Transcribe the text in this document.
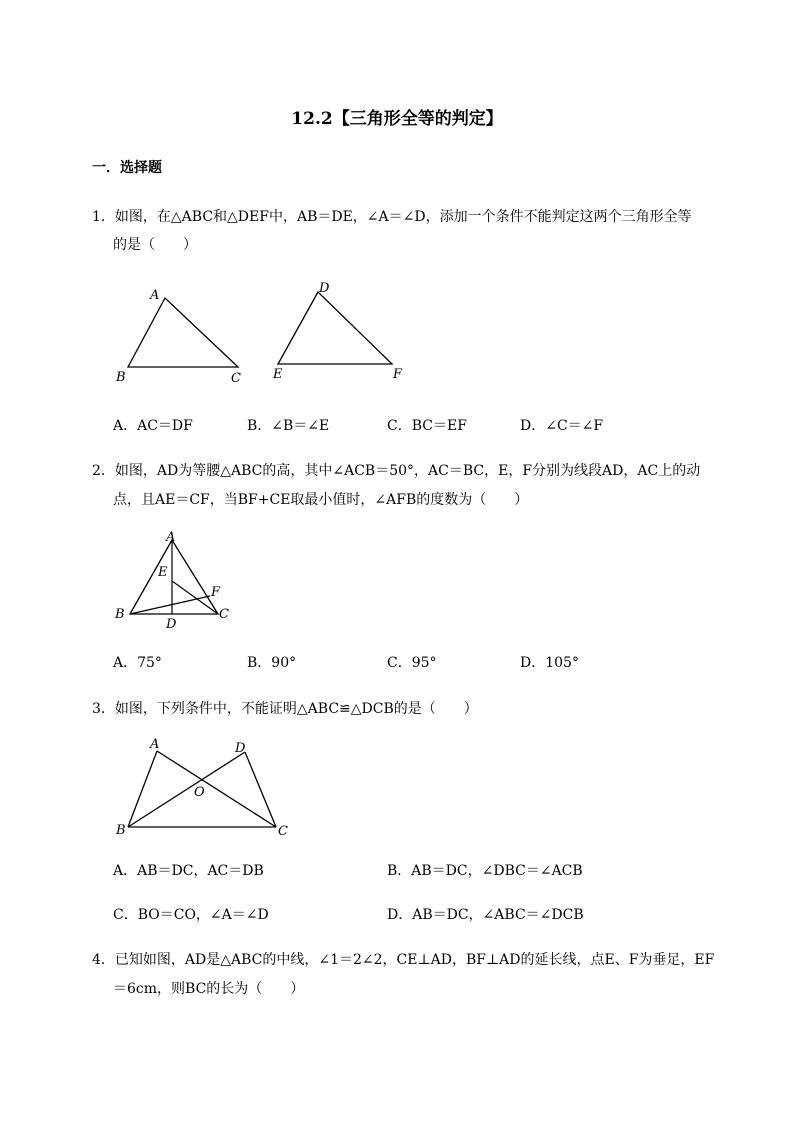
12.2【三角形全等的判定】
一．选择题
1．如图，在△ABC和△DEF中，AB＝DE，∠A＝∠D，添加一个条件不能判定这两个三角形全等
的是（　　）
A
B	C
D
E	F
A．AC＝DF	B．∠B＝∠E	C．BC＝EF	D．∠C＝∠F
2．如图，AD为等腰△ABC的高，其中∠ACB＝50°，AC＝BC，E，F分别为线段AD，AC上的动
点，且AE＝CF，当BF+CE取最小值时，∠AFB的度数为（　　）
A
B	C
D
E
F
A．75°	B．90°	C．95°	D．105°
3．如图，下列条件中，不能证明△ABC≌△DCB的是（　　）
A
B	C
D
O
A．AB＝DC，AC＝DB	B．AB＝DC，∠DBC＝∠ACB
C．BO＝CO，∠A＝∠D	D．AB＝DC，∠ABC＝∠DCB
4．已知如图，AD是△ABC的中线，∠1＝2∠2，CE⊥AD，BF⊥AD的延长线，点E、F为垂足，EF
＝6cm，则BC的长为（　　）
